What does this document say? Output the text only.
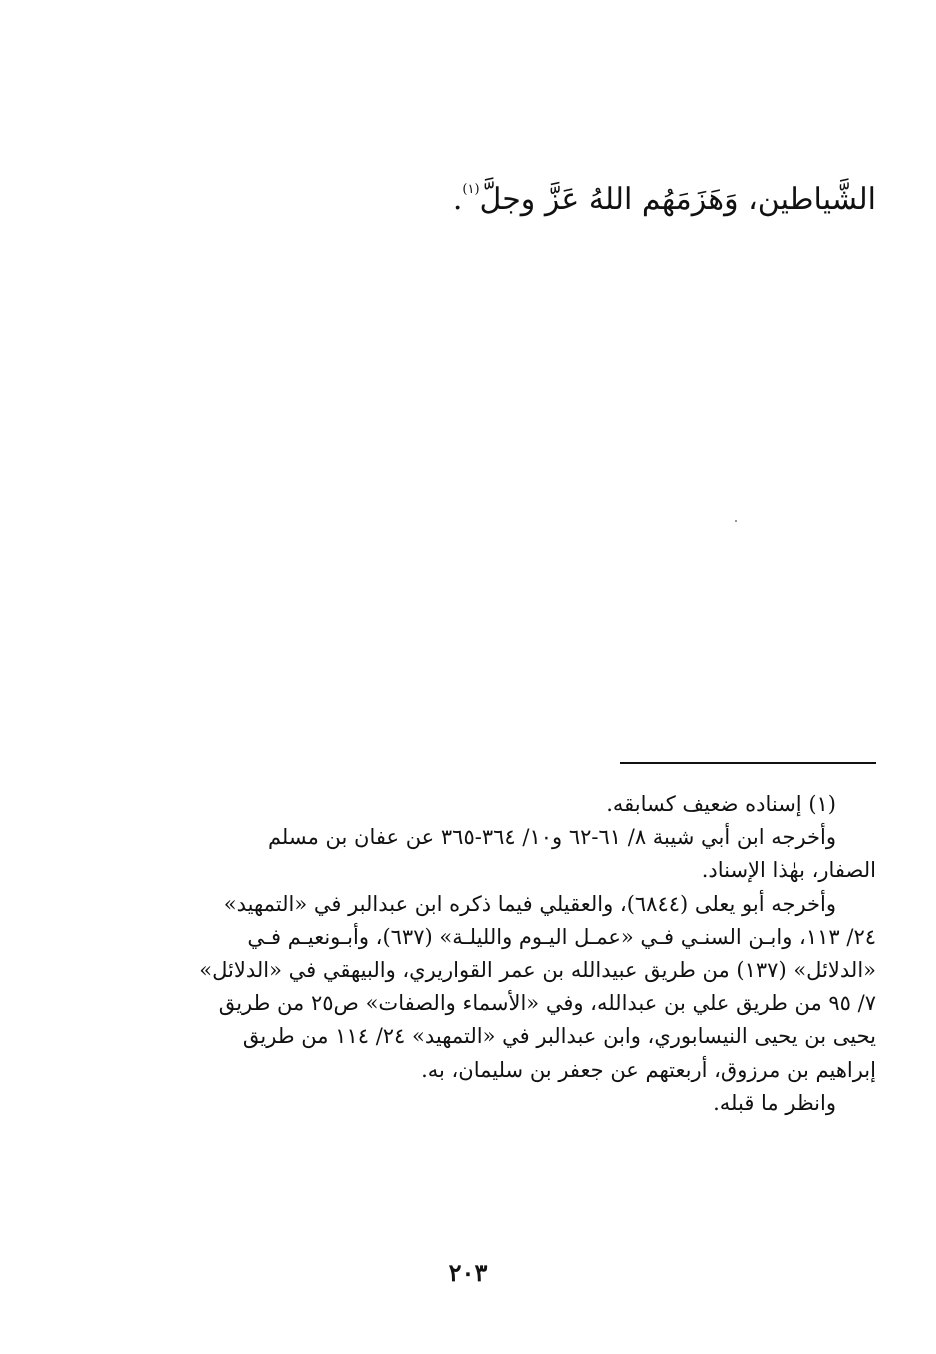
الشَّياطين، وَهَزَمَهُم اللهُ عَزَّ وجلَّ$^{(١)}$.

(١) إسناده ضعيف كسابقه.

وأخرجه ابن أبي شيبة ٨/ ٦١-٦٢ و١٠/ ٣٦٤-٣٦٥ عن عفان بن مسلم
الصفار، بهٰذا الإسناد.

وأخرجه أبو يعلى (٦٨٤٤)، والعقيلي فيما ذكره ابن عبدالبر في «التمهيد»
٢٤/ ١١٣، وابـن السنـي فـي «عمـل اليـوم والليلـة» (٦٣٧)، وأبـونعيـم فـي
«الدلائل» (١٣٧) من طريق عبيدالله بن عمر القواريري، والبيهقي في «الدلائل»
٧/ ٩٥ من طريق علي بن عبدالله، وفي «الأسماء والصفات» ص٢٥ من طريق
يحيى بن يحيى النيسابوري، وابن عبدالبر في «التمهيد» ٢٤/ ١١٤ من طريق
إبراهيم بن مرزوق، أربعتهم عن جعفر بن سليمان، به.

وانظر ما قبله.

٢٠٣
